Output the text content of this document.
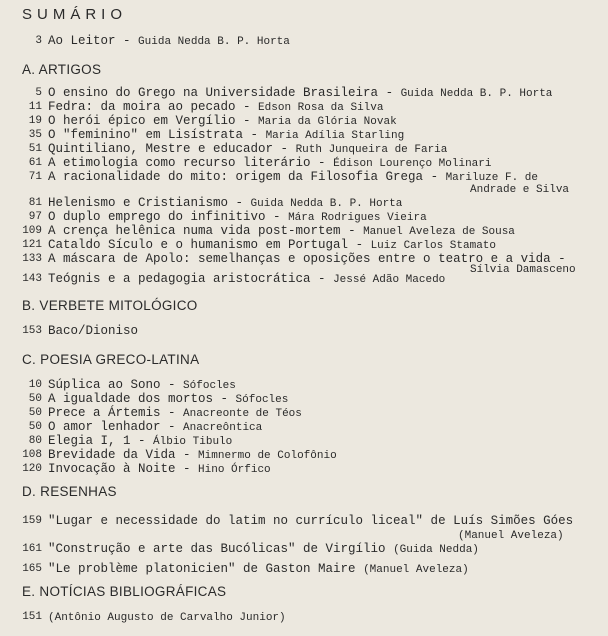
SUMÁRIO
3 Ao Leitor - Guida Nedda B. P. Horta
A. ARTIGOS
5 O ensino do Grego na Universidade Brasileira - Guida Nedda B. P. Horta
11 Fedra: da moira ao pecado - Edson Rosa da Silva
19 O herói épico em Vergílio - Maria da Glória Novak
35 O "feminino" em Lisístrata - Maria Adília Starling
51 Quintiliano, Mestre e educador - Ruth Junqueira de Faria
61 A etimologia como recurso literário - Édison Lourenço Molinari
71 A racionalidade do mito: origem da Filosofia Grega - Mariluze F. de
Andrade e Silva
81 Helenismo e Cristianismo - Guida Nedda B. P. Horta
97 O duplo emprego do infinitivo - Mára Rodrigues Vieira
109 A crença helênica numa vida post-mortem - Manuel Aveleza de Sousa
121 Cataldo Sículo e o humanismo em Portugal - Luiz Carlos Stamato
133 A máscara de Apolo: semelhanças e oposições entre o teatro e a vida -
Sílvia Damasceno
143 Teógnis e a pedagogia aristocrática - Jessé Adão Macedo
B. VERBETE MITOLÓGICO
153 Baco/Dioniso
C. POESIA GRECO-LATINA
10 Súplica ao Sono - Sófocles
50 A igualdade dos mortos - Sófocles
50 Prece a Ártemis - Anacreonte de Téos
50 O amor lenhador - Anacreôntica
80 Elegia I, 1 - Álbio Tibulo
108 Brevidade da Vida - Mimnermo de Colofônio
120 Invocação à Noite - Hino Órfico
D. RESENHAS
159 "Lugar e necessidade do latim no currículo liceal" de Luís Simões Góes
(Manuel Aveleza)
161 "Construção e arte das Bucólicas" de Virgílio (Guida Nedda)
165 "Le problème platonicien" de Gaston Maire (Manuel Aveleza)
E. NOTÍCIAS BIBLIOGRÁFICAS
151 (Antônio Augusto de Carvalho Junior)
